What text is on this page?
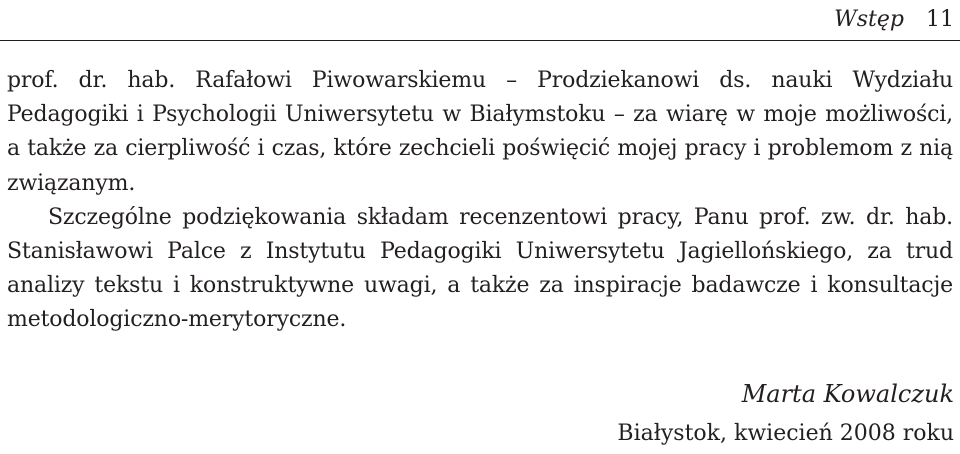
Wstęp 11

prof. dr. hab. Rafałowi Piwowarskiemu – Prodziekanowi ds. nauki Wydziału Pedagogiki i Psychologii Uniwersytetu w Białymstoku – za wiarę w moje możliwości, a także za cierpliwość i czas, które zechcieli poświęcić mojej pracy i problemom z nią związanym.

Szczególne podziękowania składam recenzentowi pracy, Panu prof. zw. dr. hab. Stanisławowi Palce z Instytutu Pedagogiki Uniwersytetu Jagiellońskiego, za trud analizy tekstu i konstruktywne uwagi, a także za inspiracje badawcze i konsultacje metodologiczno-merytoryczne.

Marta Kowalczuk
Białystok, kwiecień 2008 roku
